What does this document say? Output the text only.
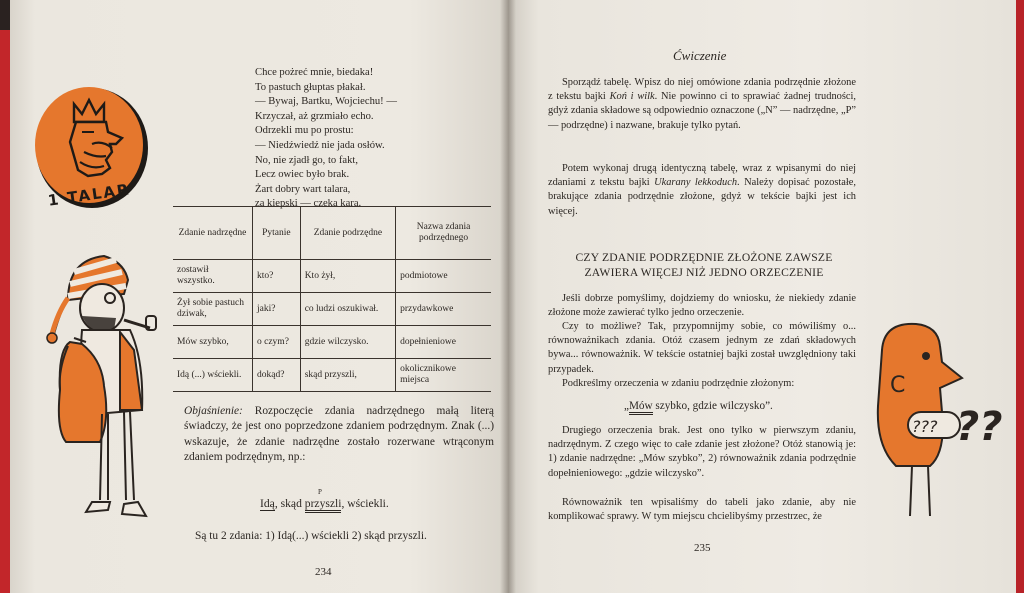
1 TALAR
Chce pożreć mnie, biedaka!
To pastuch głuptas płakał.
— Bywaj, Bartku, Wojciechu! —
Krzyczał, aż grzmiało echo.
Odrzekli mu po prostu:
— Niedźwiedź nie jada osłów.
No, nie zjadł go, to fakt,
Lecz owiec było brak.
Żart dobry wart talara,
za kiepski — czeka kara.
Zdanie nadrzędne	Pytanie	Zdanie podrzędne	Nazwa zdania podrzędnego
zostawił wszystko.	kto?	Kto żył,	podmiotowe
Żył sobie pastuch dziwak,	jaki?	co ludzi oszukiwał.	przydawkowe
Mów szybko,	o czym?	gdzie wilczysko.	dopełnieniowe
Idą (...) wściekli.	dokąd?	skąd przyszli,	okolicznikowe miejsca
Objaśnienie: Rozpoczęcie zdania nadrzędnego małą literą świadczy, że jest ono poprzedzone zdaniem podrzędnym. Znak (...) wskazuje, że zdanie nadrzędne zostało rozerwane wtrąconym zdaniem podrzędnym, np.:
P
Idą, skąd przyszli, wściekli.
Są tu 2 zdania: 1) Idą(...) wściekli 2) skąd przyszli.
234
Ćwiczenie
Sporządź tabelę. Wpisz do niej omówione zdania podrzędnie złożone z tekstu bajki Koń i wilk. Nie powinno ci to sprawiać żadnej trudności, gdyż zdania składowe są odpowiednio oznaczone („N” — nadrzędne, „P” — podrzędne) i nazwane, brakuje tylko pytań.
Potem wykonaj drugą identyczną tabelę, wraz z wpisanymi do niej zdaniami z tekstu bajki Ukarany lekkoduch. Należy dopisać pozostałe, brakujące zdania podrzędnie złożone, gdyż w tekście bajki jest ich więcej.
CZY ZDANIE PODRZĘDNIE ZŁOŻONE ZAWSZE ZAWIERA WIĘCEJ NIŻ JEDNO ORZECZENIE
Jeśli dobrze pomyślimy, dojdziemy do wniosku, że niekiedy zdanie złożone może zawierać tylko jedno orzeczenie.
Czy to możliwe? Tak, przypomnijmy sobie, co mówiliśmy o... równoważnikach zdania. Otóż czasem jednym ze zdań składowych bywa... równoważnik. W tekście ostatniej bajki został uwzględniony taki przypadek.
Podkreślmy orzeczenia w zdaniu podrzędnie złożonym:
„Mów szybko, gdzie wilczysko”.
Drugiego orzeczenia brak. Jest ono tylko w pierwszym zdaniu, nadrzędnym. Z czego więc to całe zdanie jest złożone? Otóż stanowią je: 1) zdanie nadrzędne: „Mów szybko”, 2) równoważnik zdania podrzędnie dopełnieniowego: „gdzie wilczysko”.
Równoważnik ten wpisaliśmy do tabeli jako zdanie, aby nie komplikować sprawy. W tym miejscu chcielibyśmy przestrzec, że
235
C
??? ??
